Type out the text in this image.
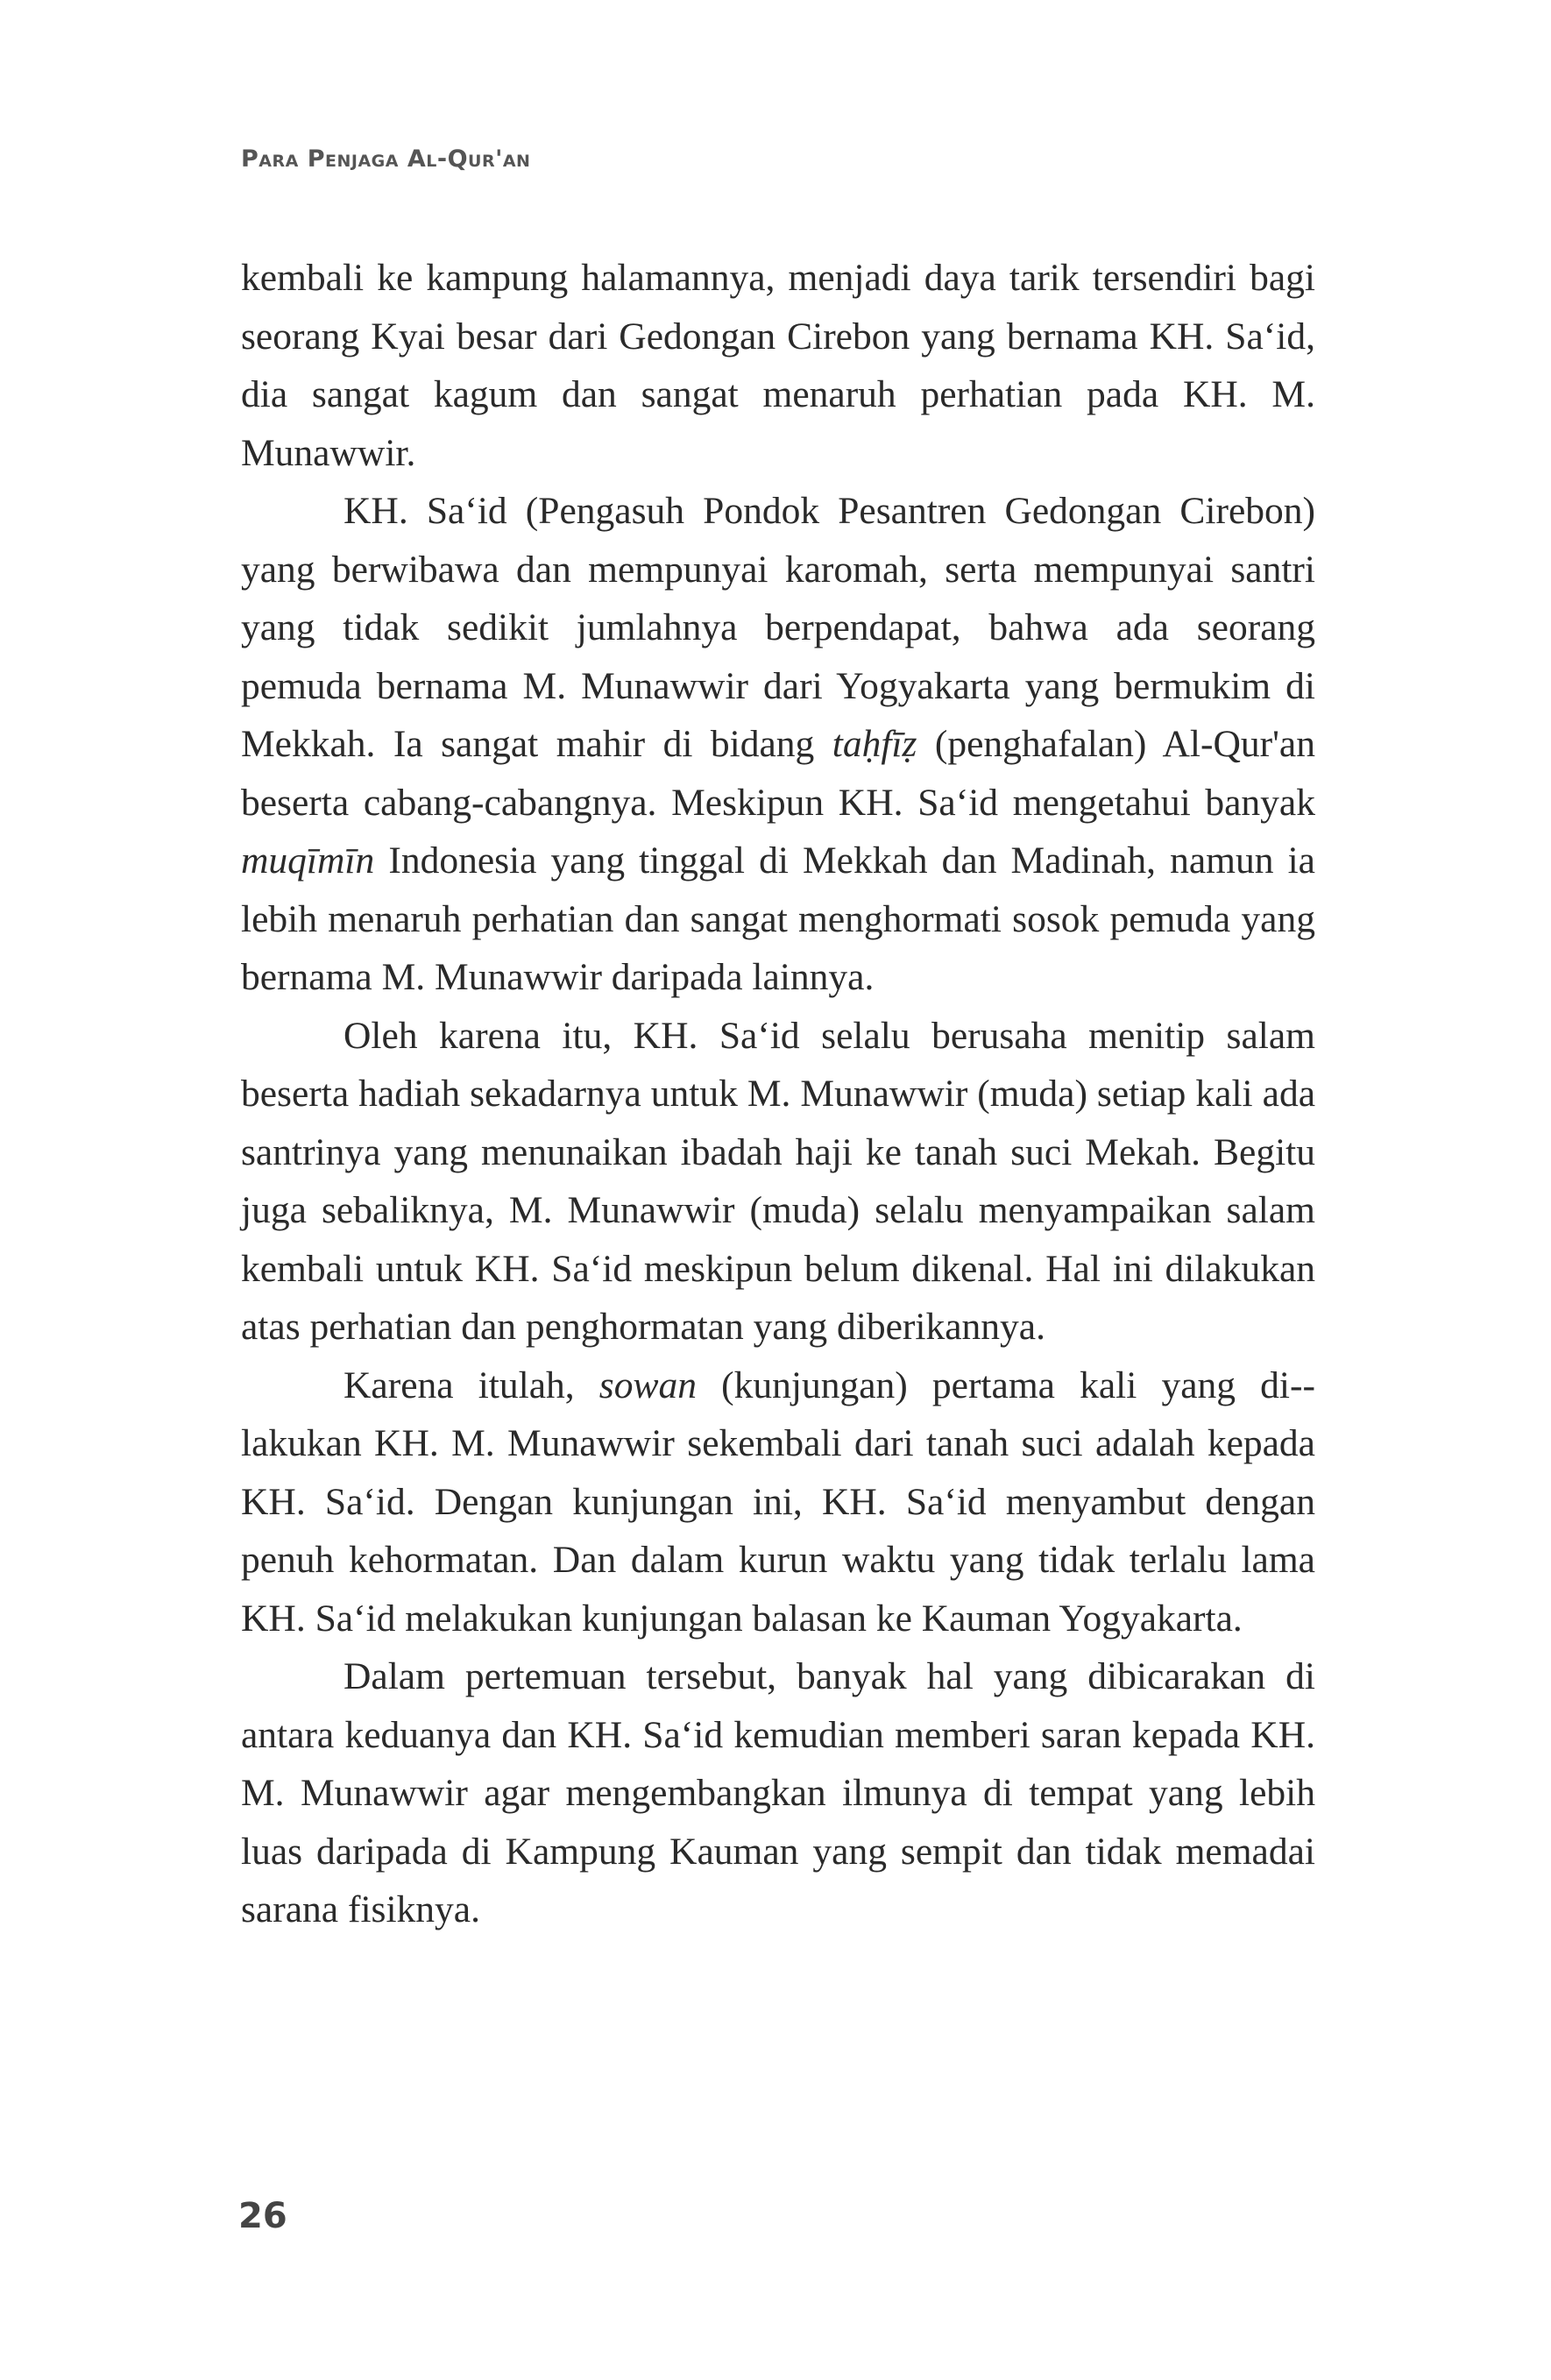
Para Penjaga Al-Qur'an

kembali ke kampung halamannya, menjadi daya tarik tersendiri bagi seorang Kyai besar dari Gedongan Cirebon yang bernama KH. Sa‘id, dia sangat kagum dan sangat menaruh perhatian pada KH. M. Munawwir.

KH. Sa‘id (Pengasuh Pondok Pesantren Gedongan Cirebon) yang berwibawa dan mempunyai karomah, serta mempunyai santri yang tidak sedikit jumlahnya berpendapat, bahwa ada seorang pemuda bernama M. Munawwir dari Yogyakarta yang bermukim di Mekkah. Ia sangat mahir di bidang taḥfīẓ (penghafalan) Al-Qur'an beserta cabang-cabangnya. Meskipun KH. Sa‘id mengetahui banyak muqīmīn Indonesia yang tinggal di Mekkah dan Madinah, namun ia lebih menaruh perhatian dan sangat menghormati sosok pemuda yang bernama M. Munawwir daripada lainnya.

Oleh karena itu, KH. Sa‘id selalu berusaha menitip salam beserta hadiah sekadarnya untuk M. Munawwir (muda) setiap kali ada santrinya yang menunaikan ibadah haji ke tanah suci Mekah. Begitu juga sebaliknya, M. Munawwir (muda) selalu menyampaikan salam kembali untuk KH. Sa‘id meskipun belum dikenal. Hal ini dilakukan atas perhatian dan penghormatan yang diberikannya.

Karena itulah, sowan (kunjungan) pertama kali yang di-lakukan KH. M. Munawwir sekembali dari tanah suci adalah kepada KH. Sa‘id. Dengan kunjungan ini, KH. Sa‘id menyambut dengan penuh kehormatan. Dan dalam kurun waktu yang tidak terlalu lama KH. Sa‘id melakukan kunjungan balasan ke Kauman Yogyakarta.

Dalam pertemuan tersebut, banyak hal yang dibicarakan di antara keduanya dan KH. Sa‘id kemudian memberi saran kepada KH. M. Munawwir agar mengembangkan ilmunya di tempat yang lebih luas daripada di Kampung Kauman yang sempit dan tidak memadai sarana fisiknya.

26
